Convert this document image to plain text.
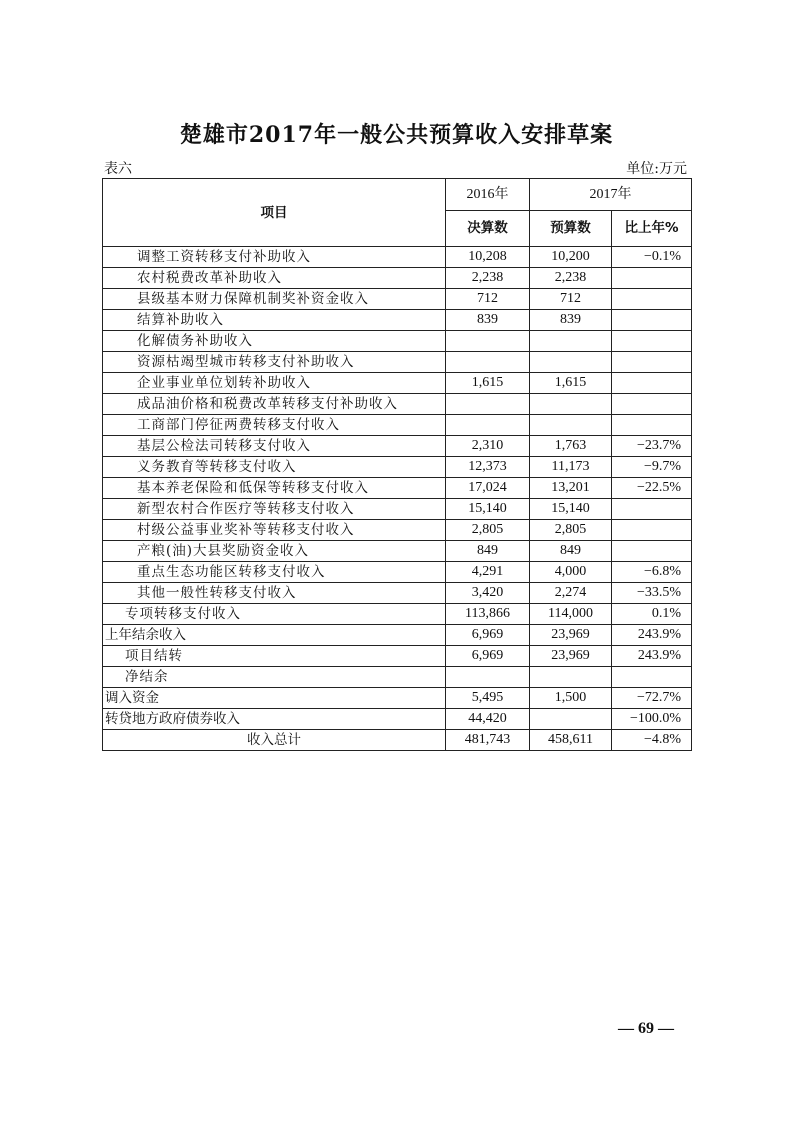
楚雄市2017年一般公共预算收入安排草案
表六	单位:万元
项目	2016年	2017年	
	决算数	预算数	比上年%
调整工资转移支付补助收入	10,208	10,200	−0.1%
农村税费改革补助收入	2,238	2,238	
县级基本财力保障机制奖补资金收入	712	712	
结算补助收入	839	839	
化解债务补助收入			
资源枯竭型城市转移支付补助收入			
企业事业单位划转补助收入	1,615	1,615	
成品油价格和税费改革转移支付补助收入			
工商部门停征两费转移支付收入			
基层公检法司转移支付收入	2,310	1,763	−23.7%
义务教育等转移支付收入	12,373	11,173	−9.7%
基本养老保险和低保等转移支付收入	17,024	13,201	−22.5%
新型农村合作医疗等转移支付收入	15,140	15,140	
村级公益事业奖补等转移支付收入	2,805	2,805	
产粮(油)大县奖励资金收入	849	849	
重点生态功能区转移支付收入	4,291	4,000	−6.8%
其他一般性转移支付收入	3,420	2,274	−33.5%
专项转移支付收入	113,866	114,000	0.1%
上年结余收入	6,969	23,969	243.9%
项目结转	6,969	23,969	243.9%
净结余			
调入资金	5,495	1,500	−72.7%
转贷地方政府债券收入	44,420		−100.0%
收入总计	481,743	458,611	−4.8%
— 69 —
